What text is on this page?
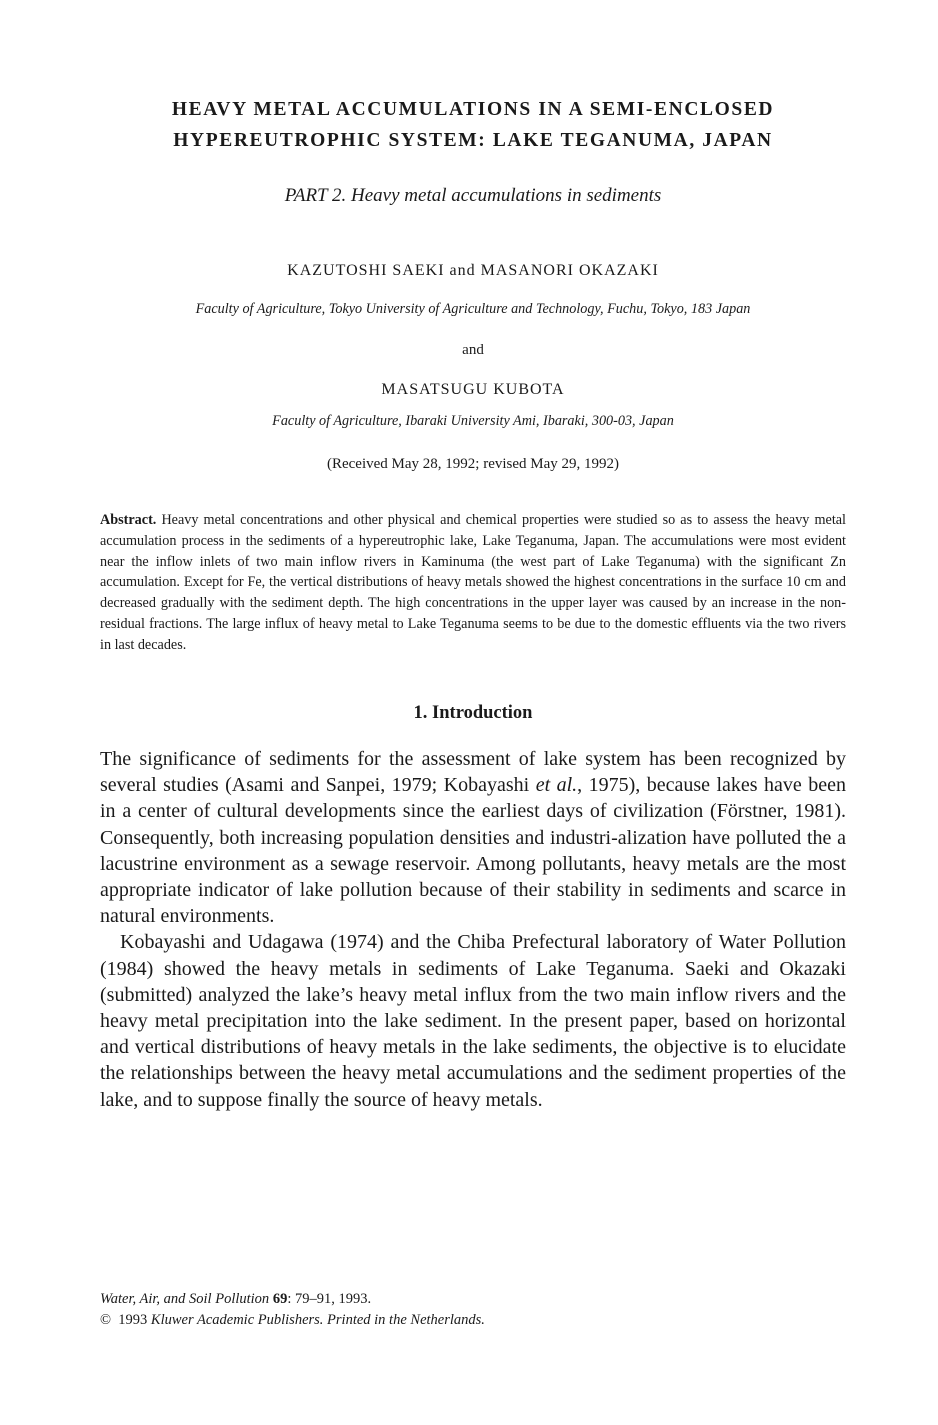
HEAVY METAL ACCUMULATIONS IN A SEMI-ENCLOSED
HYPEREUTROPHIC SYSTEM: LAKE TEGANUMA, JAPAN
PART 2. Heavy metal accumulations in sediments
KAZUTOSHI SAEKI and MASANORI OKAZAKI
Faculty of Agriculture, Tokyo University of Agriculture and Technology, Fuchu, Tokyo, 183 Japan
and
MASATSUGU KUBOTA
Faculty of Agriculture, Ibaraki University Ami, Ibaraki, 300-03, Japan
(Received May 28, 1992; revised May 29, 1992)
Abstract. Heavy metal concentrations and other physical and chemical properties were studied so as to assess the heavy metal accumulation process in the sediments of a hypereutrophic lake, Lake Teganuma, Japan. The accumulations were most evident near the inflow inlets of two main inflow rivers in Kaminuma (the west part of Lake Teganuma) with the significant Zn accumulation. Except for Fe, the vertical distributions of heavy metals showed the highest concentrations in the surface 10 cm and decreased gradually with the sediment depth. The high concentrations in the upper layer was caused by an increase in the non-residual fractions. The large influx of heavy metal to Lake Teganuma seems to be due to the domestic effluents via the two rivers in last decades.
1. Introduction

The significance of sediments for the assessment of lake system has been recognized by several studies (Asami and Sanpei, 1979; Kobayashi et al., 1975), because lakes have been in a center of cultural developments since the earliest days of civilization (Förstner, 1981). Consequently, both increasing population densities and industri-alization have polluted the a lacustrine environment as a sewage reservoir. Among pollutants, heavy metals are the most appropriate indicator of lake pollution because of their stability in sediments and scarce in natural environments.

Kobayashi and Udagawa (1974) and the Chiba Prefectural laboratory of Water Pollution (1984) showed the heavy metals in sediments of Lake Teganuma. Saeki and Okazaki (submitted) analyzed the lake’s heavy metal influx from the two main inflow rivers and the heavy metal precipitation into the lake sediment. In the present paper, based on horizontal and vertical distributions of heavy metals in the lake sediments, the objective is to elucidate the relationships between the heavy metal accumulations and the sediment properties of the lake, and to suppose finally the source of heavy metals.

Water, Air, and Soil Pollution 69: 79–91, 1993.
© 1993 Kluwer Academic Publishers. Printed in the Netherlands.
